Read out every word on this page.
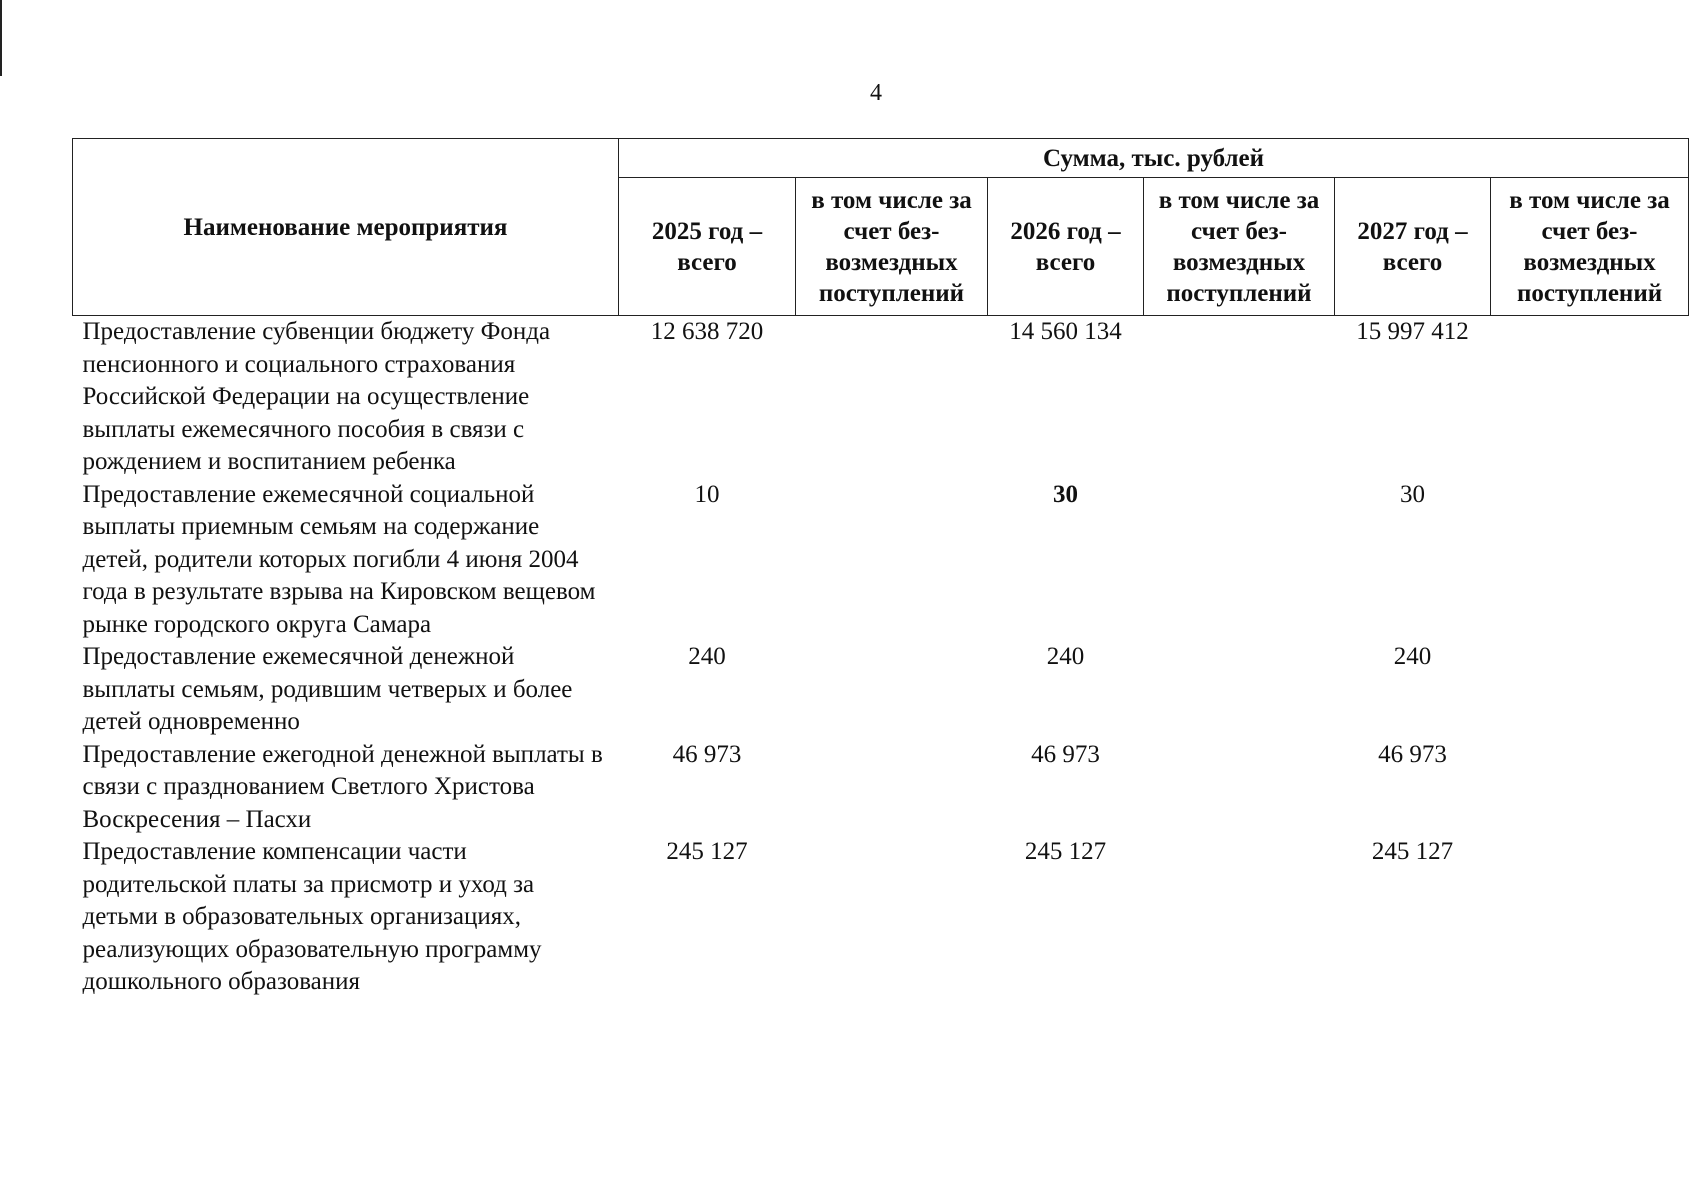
4
Наименование мероприятия	Сумма, тыс. рублей					
	2025 год – всего	в том числе за счет без-возмездных поступлений	2026 год – всего	в том числе за счет без-возмездных поступлений	2027 год – всего	в том числе за счет без-возмездных поступлений
Предоставление субвенции бюджету Фонда пенсионного и социального страхования Российской Федерации на осуществление выплаты ежемесячного пособия в связи с рождением и воспитанием ребенка	12 638 720		14 560 134		15 997 412	
Предоставление ежемесячной социальной выплаты приемным семьям на содержание детей, родители которых погибли 4 июня 2004 года в результате взрыва на Кировском вещевом рынке городского округа Самара	10		30		30	
Предоставление ежемесячной денежной выплаты семьям, родившим четверых и более детей одновременно	240		240		240	
Предоставление ежегодной денежной выплаты в связи с празднованием Светлого Христова Воскресения – Пасхи	46 973		46 973		46 973	
Предоставление компенсации части родительской платы за присмотр и уход за детьми в образовательных организациях, реализующих образовательную программу дошкольного образования	245 127		245 127		245 127	
